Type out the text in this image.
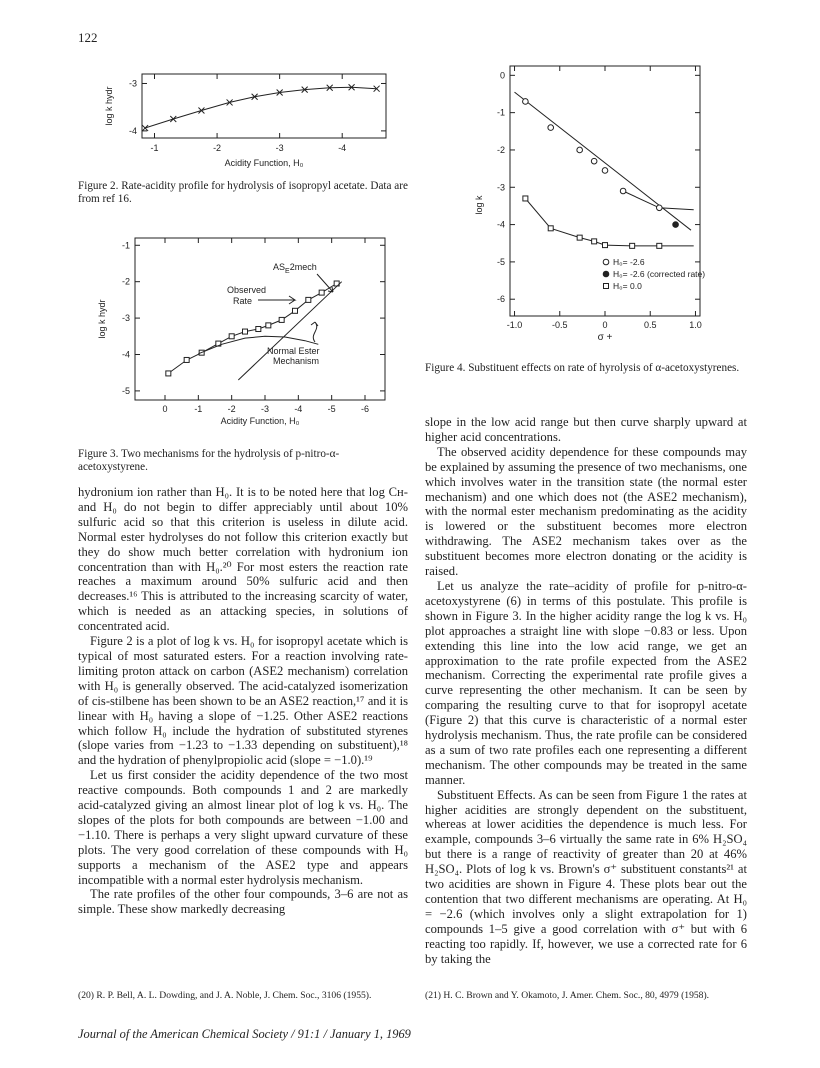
122
-1	-2	-3	-4
-3
-4
Acidity Function, H₀
log k hydr
Figure 2. Rate-acidity profile for hydrolysis of isopropyl acetate. Data are from ref 16.
0	-1	-2	-3	-4	-5	-6
-1
-2
-3
-4
-5
$AS_E2mech$
Observed
Rate
Normal Ester
Mechanism
Acidity Function, H₀
log k hydr
Figure 3. Two mechanisms for the hydrolysis of p-nitro-α-acetoxystyrene.
-1.0	-0.5	0	0.5	1.0
0
-1
-2
-3
-4
-5
-6
H₀= -2.6
H₀= -2.6 (corrected rate)
H₀= 0.0
σ +
log k
Figure 4. Substituent effects on rate of hyrolysis of α-acetoxystyrenes.

hydronium ion rather than H₀. It is to be noted here that log Cʜ- and H₀ do not begin to differ appreciably until about 10% sulfuric acid so that this criterion is useless in dilute acid. Normal ester hydrolyses do not follow this criterion exactly but they do show much better correlation with hydronium ion concentration than with H₀.²⁰ For most esters the reaction rate reaches a maximum around 50% sulfuric acid and then decreases.¹⁶ This is attributed to the increasing scarcity of water, which is needed as an attacking species, in solutions of concentrated acid.

Figure 2 is a plot of log k vs. H₀ for isopropyl acetate which is typical of most saturated esters. For a reaction involving rate-limiting proton attack on carbon (ASE2 mechanism) correlation with H₀ is generally observed. The acid-catalyzed isomerization of cis-stilbene has been shown to be an ASE2 reaction,¹⁷ and it is linear with H₀ having a slope of −1.25. Other ASE2 reactions which follow H₀ include the hydration of substituted styrenes (slope varies from −1.23 to −1.33 depending on substituent),¹⁸ and the hydration of phenylpropiolic acid (slope = −1.0).¹⁹

Let us first consider the acidity dependence of the two most reactive compounds. Both compounds 1 and 2 are markedly acid-catalyzed giving an almost linear plot of log k vs. H₀. The slopes of the plots for both compounds are between −1.00 and −1.10. There is perhaps a very slight upward curvature of these plots. The very good correlation of these compounds with H₀ supports a mechanism of the ASE2 type and appears incompatible with a normal ester hydrolysis mechanism.

The rate profiles of the other four compounds, 3–6 are not as simple. These show markedly decreasing

slope in the low acid range but then curve sharply upward at higher acid concentrations.

The observed acidity dependence for these compounds may be explained by assuming the presence of two mechanisms, one which involves water in the transition state (the normal ester mechanism) and one which does not (the ASE2 mechanism), with the normal ester mechanism predominating as the acidity is lowered or the substituent becomes more electron withdrawing. The ASE2 mechanism takes over as the substituent becomes more electron donating or the acidity is raised.

Let us analyze the rate–acidity of profile for p-nitro-α-acetoxystyrene (6) in terms of this postulate. This profile is shown in Figure 3. In the higher acidity range the log k vs. H₀ plot approaches a straight line with slope −0.83 or less. Upon extending this line into the low acid range, we get an approximation to the rate profile expected from the ASE2 mechanism. Correcting the experimental rate profile gives a curve representing the other mechanism. It can be seen by comparing the resulting curve to that for isopropyl acetate (Figure 2) that this curve is characteristic of a normal ester hydrolysis mechanism. Thus, the rate profile can be considered as a sum of two rate profiles each one representing a different mechanism. The other compounds may be treated in the same manner.

Substituent Effects. As can be seen from Figure 1 the rates at higher acidities are strongly dependent on the substituent, whereas at lower acidities the dependence is much less. For example, compounds 3–6 virtually the same rate in 6% H₂SO₄ but there is a range of reactivity of greater than 20 at 46% H₂SO₄. Plots of log k vs. Brown's σ⁺ substituent constants²¹ at two acidities are shown in Figure 4. These plots bear out the contention that two different mechanisms are operating. At H₀ = −2.6 (which involves only a slight extrapolation for 1) compounds 1–5 give a good correlation with σ⁺ but with 6 reacting too rapidly. If, however, we use a corrected rate for 6 by taking the

(20) R. P. Bell, A. L. Dowding, and J. A. Noble, J. Chem. Soc., 3106 (1955).	(21) H. C. Brown and Y. Okamoto, J. Amer. Chem. Soc., 80, 4979 (1958).
Journal of the American Chemical Society / 91:1 / January 1, 1969
